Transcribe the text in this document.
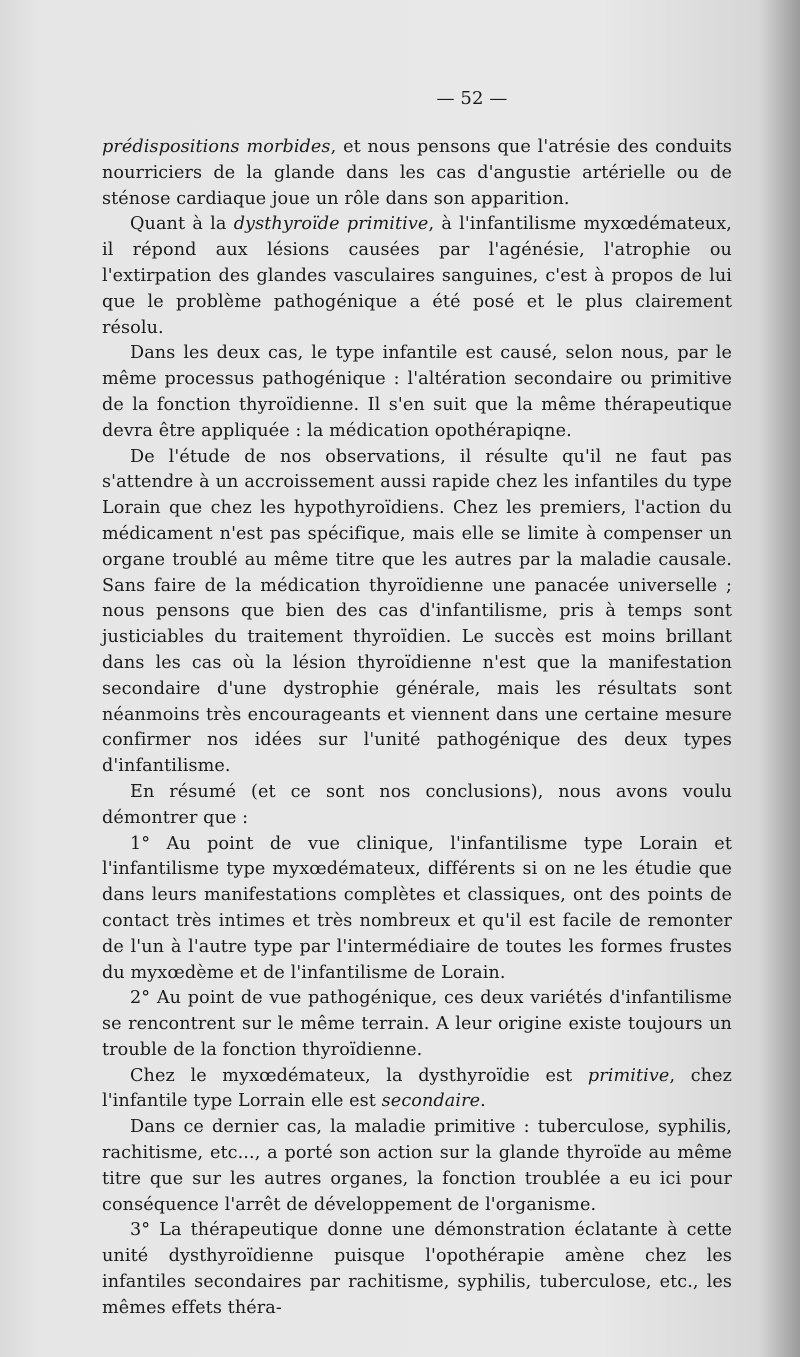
— 52 —

prédispositions morbides, et nous pensons que l'atrésie des conduits nourriciers de la glande dans les cas d'angustie artérielle ou de sténose cardiaque joue un rôle dans son apparition.

Quant à la dysthyroïde primitive, à l'infantilisme myxœdémateux, il répond aux lésions causées par l'agénésie, l'atrophie ou l'extirpation des glandes vasculaires sanguines, c'est à propos de lui que le problème pathogénique a été posé et le plus clairement résolu.

Dans les deux cas, le type infantile est causé, selon nous, par le même processus pathogénique : l'altération secondaire ou primitive de la fonction thyroïdienne. Il s'en suit que la même thérapeutique devra être appliquée : la médication opothérapiqne.

De l'étude de nos observations, il résulte qu'il ne faut pas s'attendre à un accroissement aussi rapide chez les infantiles du type Lorain que chez les hypothyroïdiens. Chez les premiers, l'action du médicament n'est pas spécifique, mais elle se limite à compenser un organe troublé au même titre que les autres par la maladie causale. Sans faire de la médication thyroïdienne une panacée universelle ; nous pensons que bien des cas d'infantilisme, pris à temps sont justiciables du traitement thyroïdien. Le succès est moins brillant dans les cas où la lésion thyroïdienne n'est que la manifestation secondaire d'une dystrophie générale, mais les résultats sont néanmoins très encourageants et viennent dans une certaine mesure confirmer nos idées sur l'unité pathogénique des deux types d'infantilisme.

En résumé (et ce sont nos conclusions), nous avons voulu démontrer que :

1° Au point de vue clinique, l'infantilisme type Lorain et l'infantilisme type myxœdémateux, différents si on ne les étudie que dans leurs manifestations complètes et classiques, ont des points de contact très intimes et très nombreux et qu'il est facile de remonter de l'un à l'autre type par l'intermédiaire de toutes les formes frustes du myxœdème et de l'infantilisme de Lorain.

2° Au point de vue pathogénique, ces deux variétés d'infantilisme se rencontrent sur le même terrain. A leur origine existe toujours un trouble de la fonction thyroïdienne.

Chez le myxœdémateux, la dysthyroïdie est primitive, chez l'infantile type Lorrain elle est secondaire.

Dans ce dernier cas, la maladie primitive : tuberculose, syphilis, rachitisme, etc..., a porté son action sur la glande thyroïde au même titre que sur les autres organes, la fonction troublée a eu ici pour conséquence l'arrêt de développement de l'organisme.

3° La thérapeutique donne une démonstration éclatante à cette unité dysthyroïdienne puisque l'opothérapie amène chez les infantiles secondaires par rachitisme, syphilis, tuberculose, etc., les mêmes effets théra-
